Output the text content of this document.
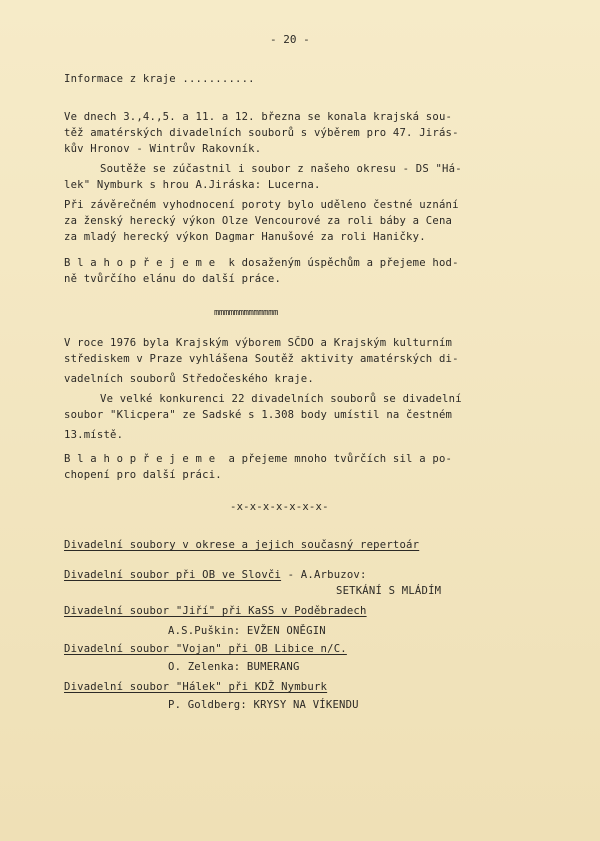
- 20 -
Informace z kraje ...........
Ve dnech 3.,4.,5. a 11. a 12. března se konala krajská sou-
těž amatérských divadelních souborů s výběrem pro 47. Jirás-
kův Hronov - Wintrův Rakovník.
Soutěže se zúčastnil i soubor z našeho okresu - DS "Há-
lek" Nymburk s hrou A.Jiráska: Lucerna.
Při závěrečném vyhodnocení poroty bylo uděleno čestné uznání
za ženský herecký výkon Olze Vencourové za roli báby a Cena
za mladý herecký výkon Dagmar Hanušové za roli Haničky.
B l a h o p ř e j e m e  k dosaženým úspěchům a přejeme hod-
ně tvůrčího elánu do další práce.
mmmmmmmmmmmmm
V roce 1976 byla Krajským výborem SČDO a Krajským kulturním
střediskem v Praze vyhlášena Soutěž aktivity amatérských di-
vadelních souborů Středočeského kraje.
Ve velké konkurenci 22 divadelních souborů se divadelní
soubor "Klicpera" ze Sadské s 1.308 body umístil na čestném
13.místě.
B l a h o p ř e j e m e  a přejeme mnoho tvůrčích sil a po-
chopení pro další práci.
-x-x-x-x-x-x-x-
Divadelní soubory v okrese a jejich současný repertoár
Divadelní soubor při OB ve Slovči - A.Arbuzov:
SETKÁNÍ S MLÁDÍM
Divadelní soubor "Jiří" při KaSS v Poděbradech
A.S.Puškin: EVŽEN ONĚGIN
Divadelní soubor "Vojan" při OB Libice n/C.
O. Zelenka: BUMERANG
Divadelní soubor "Hálek" při KDŽ Nymburk
P. Goldberg: KRYSY NA VÍKENDU
